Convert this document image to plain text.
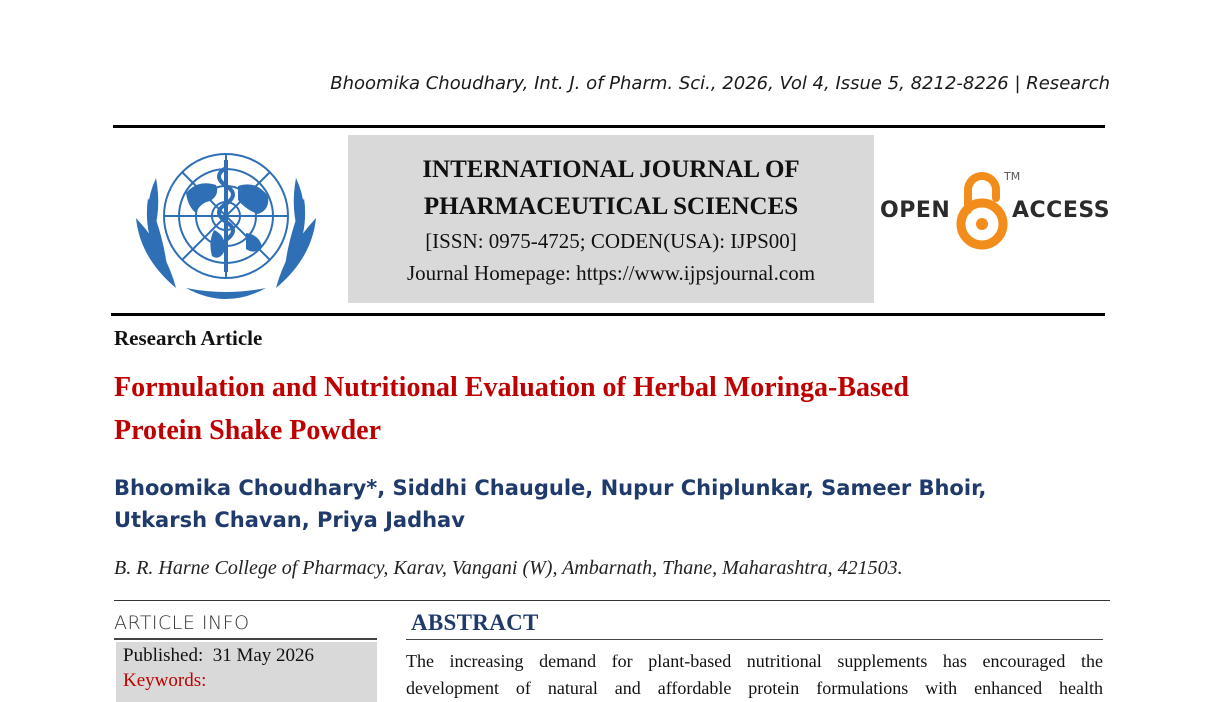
Bhoomika Choudhary, Int. J. of Pharm. Sci., 2026, Vol 4, Issue 5, 8212-8226 | Research
INTERNATIONAL JOURNAL OF
PHARMACEUTICAL SCIENCES
[ISSN: 0975-4725; CODEN(USA): IJPS00]
Journal Homepage: https://www.ijpsjournal.com
OPEN
TM
ACCESS
Research Article
Formulation and Nutritional Evaluation of Herbal Moringa-Based
Protein Shake Powder
Bhoomika Choudhary*, Siddhi Chaugule, Nupur Chiplunkar, Sameer Bhoir,
Utkarsh Chavan, Priya Jadhav
B. R. Harne College of Pharmacy, Karav, Vangani (W), Ambarnath, Thane, Maharashtra, 421503.
ARTICLE INFO
Published:  31 May 2026
Keywords:
ABSTRACT
The increasing demand for plant-based nutritional supplements has encouraged the
development of natural and affordable protein formulations with enhanced health
